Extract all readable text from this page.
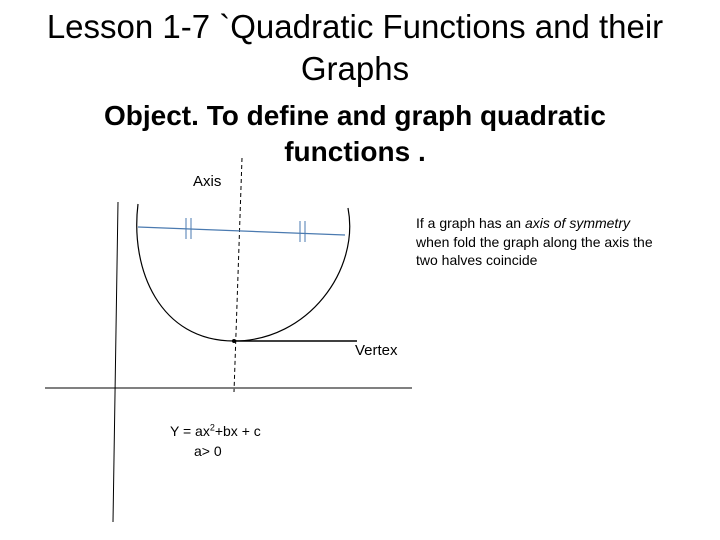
Lesson 1-7 `Quadratic Functions and their Graphs
Object. To define and graph quadratic functions .
Axis
If a graph has an axis of symmetry when fold the graph along the axis the two halves coincide
Vertex
$Y = ax^2+bx + c$
a> 0
